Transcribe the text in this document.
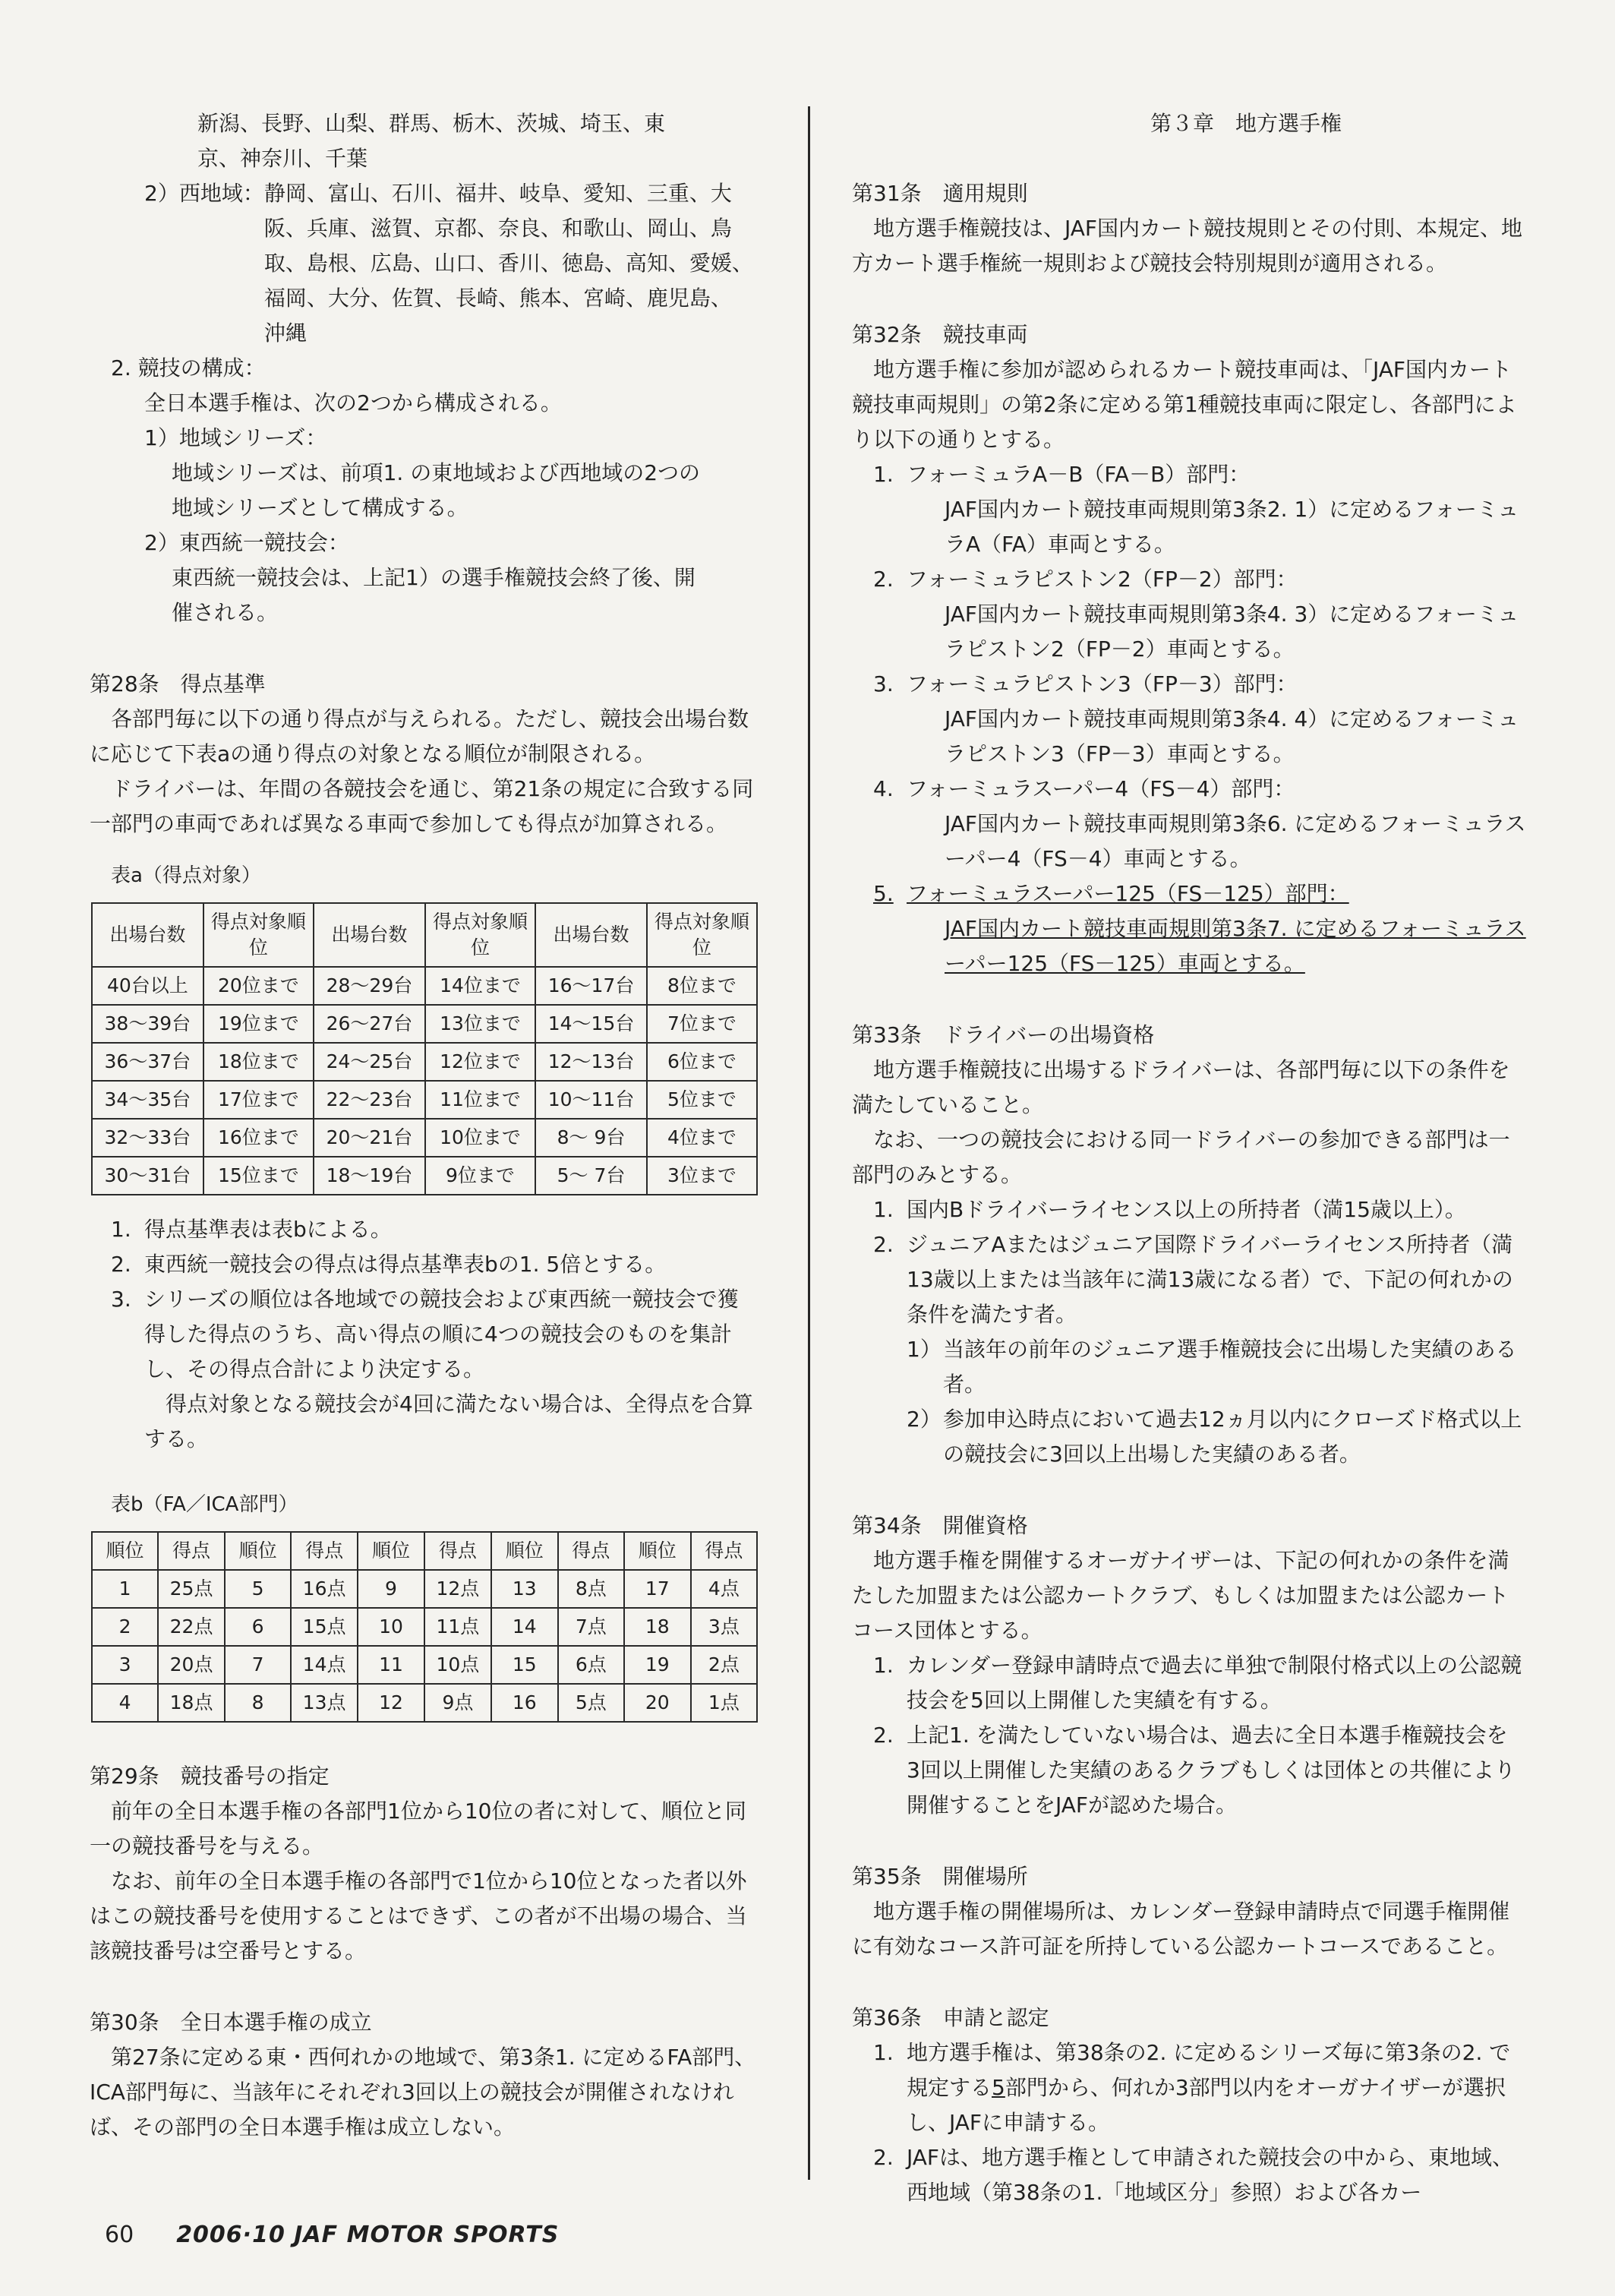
新潟、長野、山梨、群馬、栃木、茨城、埼玉、東

京、神奈川、千葉

2）西地域： 静岡、富山、石川、福井、岐阜、愛知、三重、大
阪、兵庫、滋賀、京都、奈良、和歌山、岡山、鳥
取、島根、広島、山口、香川、徳島、高知、愛媛、
福岡、大分、佐賀、長崎、熊本、宮崎、鹿児島、
沖縄

2. 競技の構成：

全日本選手権は、次の2つから構成される。

1）地域シリーズ：

地域シリーズは、前項1. の東地域および西地域の2つの

地域シリーズとして構成する。

2）東西統一競技会：

東西統一競技会は、上記1）の選手権競技会終了後、開

催される。

第28条　得点基準

各部門毎に以下の通り得点が与えられる。ただし、競技会出場台数に応じて下表aの通り得点の対象となる順位が制限される。

ドライバーは、年間の各競技会を通じ、第21条の規定に合致する同一部門の車両であれば異なる車両で参加しても得点が加算される。

表a（得点対象）

出場台数	得点対象順位	出場台数	得点対象順位	出場台数	得点対象順位
40台以上	20位まで	28〜29台	14位まで	16〜17台	8位まで
38〜39台	19位まで	26〜27台	13位まで	14〜15台	7位まで
36〜37台	18位まで	24〜25台	12位まで	12〜13台	6位まで
34〜35台	17位まで	22〜23台	11位まで	10〜11台	5位まで
32〜33台	16位まで	20〜21台	10位まで	8〜 9台	4位まで
30〜31台	15位まで	18〜19台	9位まで	5〜 7台	3位まで
1. 得点基準表は表bによる。
2. 東西統一競技会の得点は得点基準表bの1. 5倍とする。
3. シリーズの順位は各地域での競技会および東西統一競技会で獲得した得点のうち、高い得点の順に4つの競技会のものを集計し、その得点合計により決定する。
得点対象となる競技会が4回に満たない場合は、全得点を合算する。

表b（FA／ICA部門）

順位	得点	順位	得点	順位	得点	順位	得点	順位	得点
1	25点	5	16点	9	12点	13	8点	17	4点
2	22点	6	15点	10	11点	14	7点	18	3点
3	20点	7	14点	11	10点	15	6点	19	2点
4	18点	8	13点	12	9点	16	5点	20	1点

第29条　競技番号の指定

前年の全日本選手権の各部門1位から10位の者に対して、順位と同一の競技番号を与える。

なお、前年の全日本選手権の各部門で1位から10位となった者以外はこの競技番号を使用することはできず、この者が不出場の場合、当該競技番号は空番号とする。

第30条　全日本選手権の成立

第27条に定める東・西何れかの地域で、第3条1. に定めるFA部門、ICA部門毎に、当該年にそれぞれ3回以上の競技会が開催されなければ、その部門の全日本選手権は成立しない。

第３章　地方選手権

第31条　適用規則

地方選手権競技は、JAF国内カート競技規則とその付則、本規定、地方カート選手権統一規則および競技会特別規則が適用される。

第32条　競技車両

地方選手権に参加が認められるカート競技車両は、「JAF国内カート競技車両規則」の第2条に定める第1種競技車両に限定し、各部門により以下の通りとする。

1. フォーミュラA－B（FA－B）部門：
JAF国内カート競技車両規則第3条2. 1）に定めるフォーミュラA（FA）車両とする。
2. フォーミュラピストン2（FP－2）部門：
JAF国内カート競技車両規則第3条4. 3）に定めるフォーミュラピストン2（FP－2）車両とする。
3. フォーミュラピストン3（FP－3）部門：
JAF国内カート競技車両規則第3条4. 4）に定めるフォーミュラピストン3（FP－3）車両とする。
4. フォーミュラスーパー4（FS－4）部門：
JAF国内カート競技車両規則第3条6. に定めるフォーミュラスーパー4（FS－4）車両とする。
5. フォーミュラスーパー125（FS－125）部門：
JAF国内カート競技車両規則第3条7. に定めるフォーミュラスーパー125（FS－125）車両とする。

第33条　ドライバーの出場資格

地方選手権競技に出場するドライバーは、各部門毎に以下の条件を満たしていること。

なお、一つの競技会における同一ドライバーの参加できる部門は一部門のみとする。

1. 国内Bドライバーライセンス以上の所持者（満15歳以上）。
2. ジュニアAまたはジュニア国際ドライバーライセンス所持者（満13歳以上または当該年に満13歳になる者）で、下記の何れかの条件を満たす者。
1） 当該年の前年のジュニア選手権競技会に出場した実績のある者。
2） 参加申込時点において過去12ヵ月以内にクローズド格式以上の競技会に3回以上出場した実績のある者。

第34条　開催資格

地方選手権を開催するオーガナイザーは、下記の何れかの条件を満たした加盟または公認カートクラブ、もしくは加盟または公認カートコース団体とする。

1. カレンダー登録申請時点で過去に単独で制限付格式以上の公認競技会を5回以上開催した実績を有する。
2. 上記1. を満たしていない場合は、過去に全日本選手権競技会を 3回以上開催した実績のあるクラブもしくは団体との共催により開催することをJAFが認めた場合。

第35条　開催場所

地方選手権の開催場所は、カレンダー登録申請時点で同選手権開催に有効なコース許可証を所持している公認カートコースであること。

第36条　申請と認定

1. 地方選手権は、第38条の2. に定めるシリーズ毎に第3条の2. で規定する5部門から、何れか3部門以内をオーガナイザーが選択し、JAFに申請する。
2. JAFは、地方選手権として申請された競技会の中から、東地域、西地域（第38条の1.「地域区分」参照）および各カー
60 2006·10 JAF MOTOR SPORTS
